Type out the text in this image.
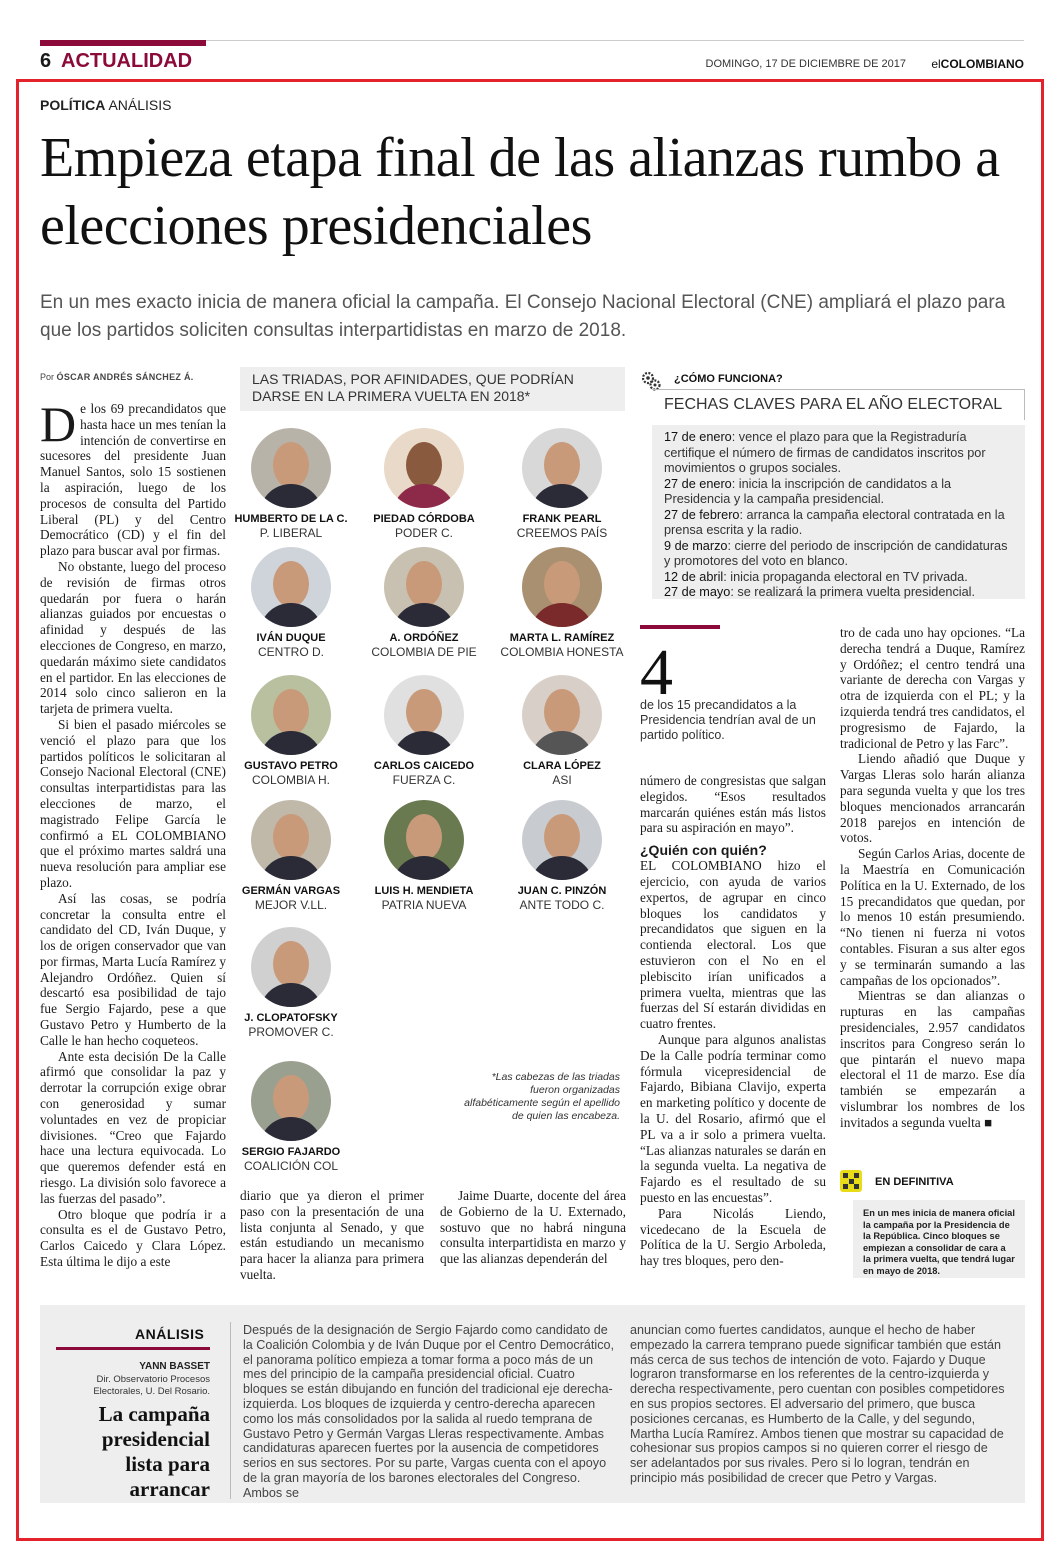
6 ACTUALIDAD	DOMINGO, 17 DE DICIEMBRE DE 2017 elCOLOMBIANO
POLÍTICA ANÁLISIS
Empieza etapa final de las alianzas rumbo a elecciones presidenciales
En un mes exacto inicia de manera oficial la campaña. El Consejo Nacional Electoral (CNE) ampliará el plazo para que los partidos soliciten consultas interpartidistas en marzo de 2018.
Por ÓSCAR ANDRÉS SÁNCHEZ Á.

De los 69 precandidatos que hasta hace un mes tenían la intención de convertirse en sucesores del presidente Juan Manuel Santos, solo 15 sostienen la aspiración, luego de los procesos de consulta del Partido Liberal (PL) y del Centro Democrático (CD) y el fin del plazo para buscar aval por firmas.

No obstante, luego del proceso de revisión de firmas otros quedarán por fuera o harán alianzas guiados por encuestas o afinidad y después de las elecciones de Congreso, en marzo, quedarán máximo siete candidatos en el partidor. En las elecciones de 2014 solo cinco salieron en la tarjeta de primera vuelta.

Si bien el pasado miércoles se venció el plazo para que los partidos políticos le solicitaran al Consejo Nacional Electoral (CNE) consultas interpartidistas para las elecciones de marzo, el magistrado Felipe García le confirmó a EL COLOMBIANO que el próximo martes saldrá una nueva resolución para ampliar ese plazo.

Así las cosas, se podría concretar la consulta entre el candidato del CD, Iván Duque, y los de origen conservador que van por firmas, Marta Lucía Ramírez y Alejandro Ordóñez. Quien sí descartó esa posibilidad de tajo fue Sergio Fajardo, pese a que Gustavo Petro y Humberto de la Calle le han hecho coqueteos.

Ante esta decisión De la Calle afirmó que consolidar la paz y derrotar la corrupción exige obrar con generosidad y sumar voluntades en vez de propiciar divisiones. “Creo que Fajardo hace una lectura equivocada. Lo que queremos defender está en riesgo. La división solo favorece a las fuerzas del pasado”.

Otro bloque que podría ir a consulta es el de Gustavo Petro, Carlos Caicedo y Clara López. Esta última le dijo a este

LAS TRIADAS, POR AFINIDADES, QUE PODRÍAN DARSE EN LA PRIMERA VUELTA EN 2018*
HUMBERTO DE LA C.
P. LIBERAL
PIEDAD CÓRDOBA
PODER C.
FRANK PEARL
CREEMOS PAÍS
IVÁN DUQUE
CENTRO D.
A. ORDÓÑEZ
COLOMBIA DE PIE
MARTA L. RAMÍREZ
COLOMBIA HONESTA
GUSTAVO PETRO
COLOMBIA H.
CARLOS CAICEDO
FUERZA C.
CLARA LÓPEZ
ASI
GERMÁN VARGAS
MEJOR V.LL.
LUIS H. MENDIETA
PATRIA NUEVA
JUAN C. PINZÓN
ANTE TODO C.
J. CLOPATOFSKY
PROMOVER C.
SERGIO FAJARDO
COALICIÓN COL
*Las cabezas de las triadas fueron organizadas alfabéticamente según el apellido de quien las encabeza.

diario que ya dieron el primer paso con la presentación de una lista conjunta al Senado, y que están estudiando un mecanismo para hacer la alianza para primera vuelta.

Jaime Duarte, docente del área de Gobierno de la U. Externado, sostuvo que no habrá ninguna consulta interpartidista en marzo y que las alianzas dependerán del

¿CÓMO FUNCIONA?
FECHAS CLAVES PARA EL AÑO ELECTORAL
17 de enero: vence el plazo para que la Registraduría certifique el número de firmas de candidatos inscritos por movimientos o grupos sociales.
27 de enero: inicia la inscripción de candidatos a la Presidencia y la campaña presidencial.
27 de febrero: arranca la campaña electoral contratada en la prensa escrita y la radio.
9 de marzo: cierre del periodo de inscripción de candidaturas y promotores del voto en blanco.
12 de abril: inicia propaganda electoral en TV privada.
27 de mayo: se realizará la primera vuelta presidencial.
4
de los 15 precandidatos a la Presidencia tendrían aval de un partido político.

número de congresistas que salgan elegidos. “Esos resultados marcarán quiénes están más listos para su aspiración en mayo”.

¿Quién con quién?

EL COLOMBIANO hizo el ejercicio, con ayuda de varios expertos, de agrupar en cinco bloques los candidatos y precandidatos que siguen en la contienda electoral. Los que estuvieron con el No en el plebiscito irían unificados a primera vuelta, mientras que las fuerzas del Sí estarán divididas en cuatro frentes.

Aunque para algunos analistas De la Calle podría terminar como fórmula vicepresidencial de Fajardo, Bibiana Clavijo, experta en marketing político y docente de la U. del Rosario, afirmó que el PL va a ir solo a primera vuelta. “Las alianzas naturales se darán en la segunda vuelta. La negativa de Fajardo es el resultado de su puesto en las encuestas”.

Para Nicolás Liendo, vicedecano de la Escuela de Política de la U. Sergio Arboleda, hay tres bloques, pero den-

tro de cada uno hay opciones. “La derecha tendrá a Duque, Ramírez y Ordóñez; el centro tendrá una variante de derecha con Vargas y otra de izquierda con el PL; y la izquierda tendrá tres candidatos, el progresismo de Fajardo, la tradicional de Petro y las Farc”.

Liendo añadió que Duque y Vargas Lleras solo harán alianza para segunda vuelta y que los tres bloques mencionados arrancarán 2018 parejos en intención de votos.

Según Carlos Arias, docente de la Maestría en Comunicación Política en la U. Externado, de los 15 precandidatos que quedan, por lo menos 10 están presumiendo. “No tienen ni fuerza ni votos contables. Fisuran a sus alter egos y se terminarán sumando a las campañas de los opcionados”.

Mientras se dan alianzas o rupturas en las campañas presidenciales, 2.957 candidatos inscritos para Congreso serán lo que pintarán el nuevo mapa electoral el 11 de marzo. Ese día también se empezarán a vislumbrar los nombres de los invitados a segunda vuelta ■

EN DEFINITIVA
En un mes inicia de manera oficial la campaña por la Presidencia de la República. Cinco bloques se empiezan a consolidar de cara a la primera vuelta, que tendrá lugar en mayo de 2018.
ANÁLISIS
YANN BASSET
Dir. Observatorio Procesos Electorales, U. Del Rosario.
La campaña presidencial lista para arrancar
Después de la designación de Sergio Fajardo como candidato de la Coalición Colombia y de Iván Duque por el Centro Democrático, el panorama político empieza a tomar forma a poco más de un mes del principio de la campaña presidencial oficial. Cuatro bloques se están dibujando en función del tradicional eje derecha-izquierda. Los bloques de izquierda y centro-derecha aparecen como los más consolidados por la salida al ruedo temprana de Gustavo Petro y Germán Vargas Lleras respectivamente. Ambas candidaturas aparecen fuertes por la ausencia de competidores serios en sus sectores. Por su parte, Vargas cuenta con el apoyo de la gran mayoría de los barones electorales del Congreso. Ambos se
anuncian como fuertes candidatos, aunque el hecho de haber empezado la carrera temprano puede significar también que están más cerca de sus techos de intención de voto. Fajardo y Duque lograron transformarse en los referentes de la centro-izquierda y derecha respectivamente, pero cuentan con posibles competidores en sus propios sectores. El adversario del primero, que busca posiciones cercanas, es Humberto de la Calle, y del segundo, Martha Lucía Ramírez. Ambos tienen que mostrar su capacidad de cohesionar sus propios campos si no quieren correr el riesgo de ser adelantados por sus rivales. Pero si lo logran, tendrán en principio más posibilidad de crecer que Petro y Vargas.
